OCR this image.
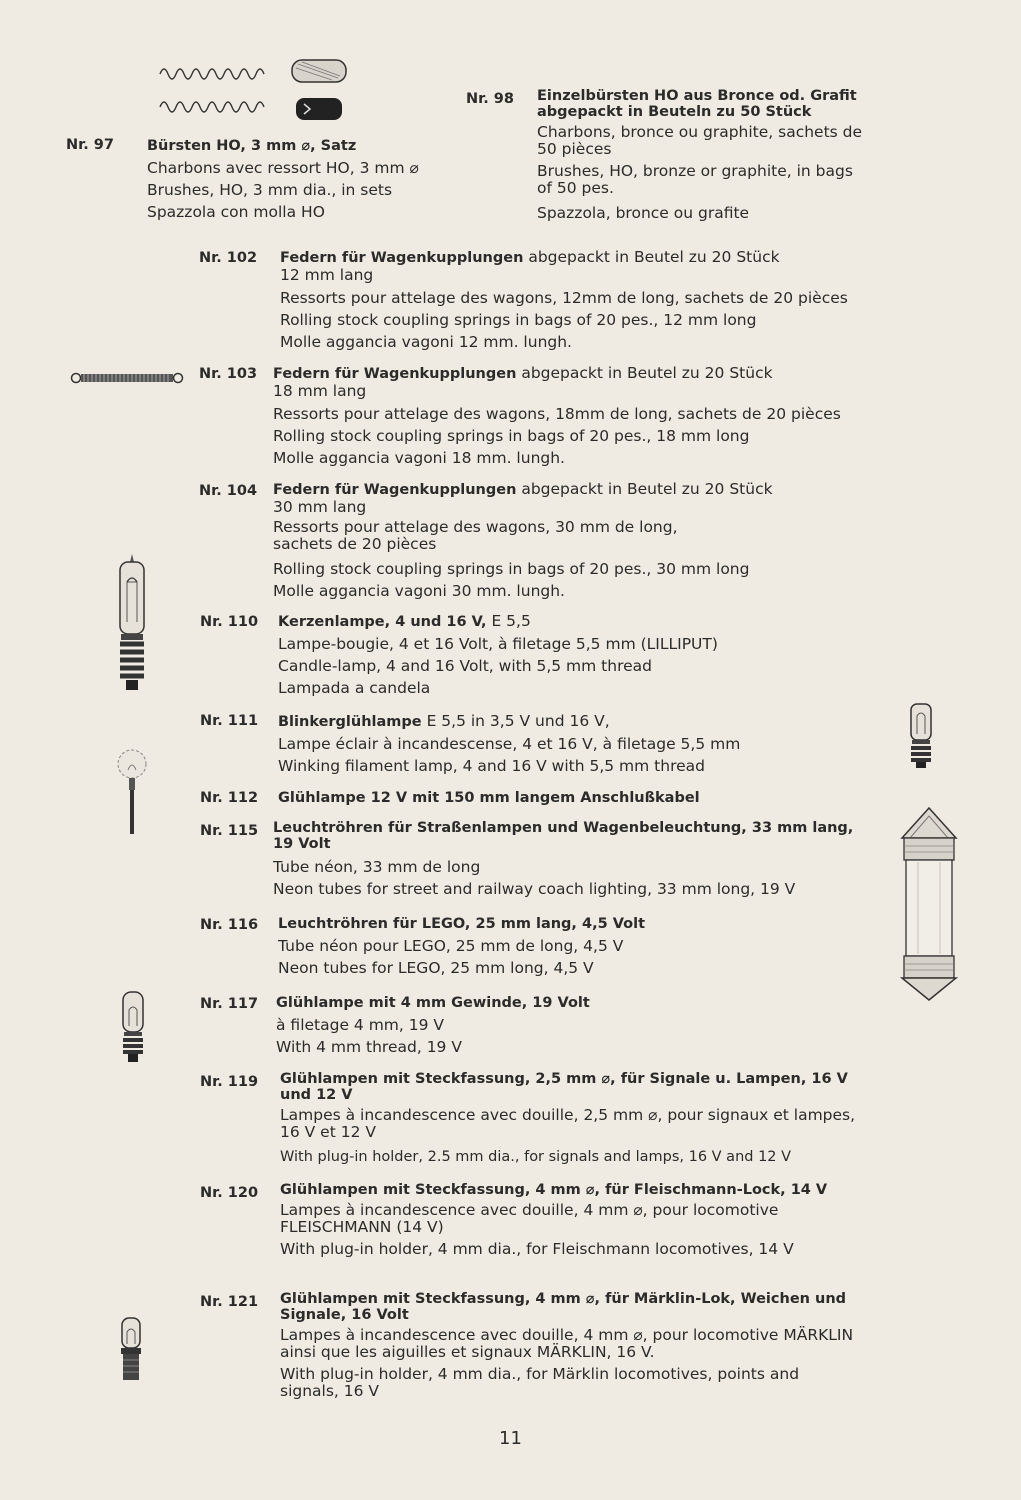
Nr. 97 Bürsten HO, 3 mm ⌀, Satz

Charbons avec ressort HO, 3 mm ⌀

Brushes, HO, 3 mm dia., in sets

Spazzola con molla HO

Nr. 98 Einzelbürsten HO aus Bronce od. Grafit abgepackt in Beuteln zu 50 Stück

Charbons, bronce ou graphite, sachets de 50 pièces

Brushes, HO, bronze or graphite, in bags of 50 pes.

Spazzola, bronce ou grafite

Nr. 102 Federn für Wagenkupplungen abgepackt in Beutel zu 20 Stück
12 mm lang

Ressorts pour attelage des wagons, 12mm de long, sachets de 20 pièces

Rolling stock coupling springs in bags of 20 pes., 12 mm long

Molle aggancia vagoni 12 mm. lungh.

Nr. 103 Federn für Wagenkupplungen abgepackt in Beutel zu 20 Stück
18 mm lang

Ressorts pour attelage des wagons, 18mm de long, sachets de 20 pièces

Rolling stock coupling springs in bags of 20 pes., 18 mm long

Molle aggancia vagoni 18 mm. lungh.

Nr. 104 Federn für Wagenkupplungen abgepackt in Beutel zu 20 Stück
30 mm lang

Ressorts pour attelage des wagons, 30 mm de long, sachets de 20 pièces

Rolling stock coupling springs in bags of 20 pes., 30 mm long

Molle aggancia vagoni 30 mm. lungh.

Nr. 110 Kerzenlampe, 4 und 16 V, E 5,5

Lampe-bougie, 4 et 16 Volt, à filetage 5,5 mm (LILLIPUT)

Candle-lamp, 4 and 16 Volt, with 5,5 mm thread

Lampada a candela

Nr. 111 Blinkerglühlampe E 5,5 in 3,5 V und 16 V,

Lampe éclair à incandescense, 4 et 16 V, à filetage 5,5 mm

Winking filament lamp, 4 and 16 V with 5,5 mm thread

Nr. 112 Glühlampe 12 V mit 150 mm langem Anschlußkabel

Nr. 115 Leuchtröhren für Straßenlampen und Wagenbeleuchtung, 33 mm lang, 19 Volt

Tube néon, 33 mm de long

Neon tubes for street and railway coach lighting, 33 mm long, 19 V

Nr. 116 Leuchtröhren für LEGO, 25 mm lang, 4,5 Volt

Tube néon pour LEGO, 25 mm de long, 4,5 V

Neon tubes for LEGO, 25 mm long, 4,5 V

Nr. 117 Glühlampe mit 4 mm Gewinde, 19 Volt

à filetage 4 mm, 19 V

With 4 mm thread, 19 V

Nr. 119 Glühlampen mit Steckfassung, 2,5 mm ⌀, für Signale u. Lampen, 16 V und 12 V

Lampes à incandescence avec douille, 2,5 mm ⌀, pour signaux et lampes, 16 V et 12 V

With plug-in holder, 2.5 mm dia., for signals and lamps, 16 V and 12 V

Nr. 120 Glühlampen mit Steckfassung, 4 mm ⌀, für Fleischmann-Lock, 14 V

Lampes à incandescence avec douille, 4 mm ⌀, pour locomotive FLEISCHMANN (14 V)

With plug-in holder, 4 mm dia., for Fleischmann locomotives, 14 V

Nr. 121 Glühlampen mit Steckfassung, 4 mm ⌀, für Märklin-Lok, Weichen und Signale, 16 Volt

Lampes à incandescence avec douille, 4 mm ⌀, pour locomotive MÄRKLIN ainsi que les aiguilles et signaux MÄRKLIN, 16 V.

With plug-in holder, 4 mm dia., for Märklin locomotives, points and signals, 16 V

11
